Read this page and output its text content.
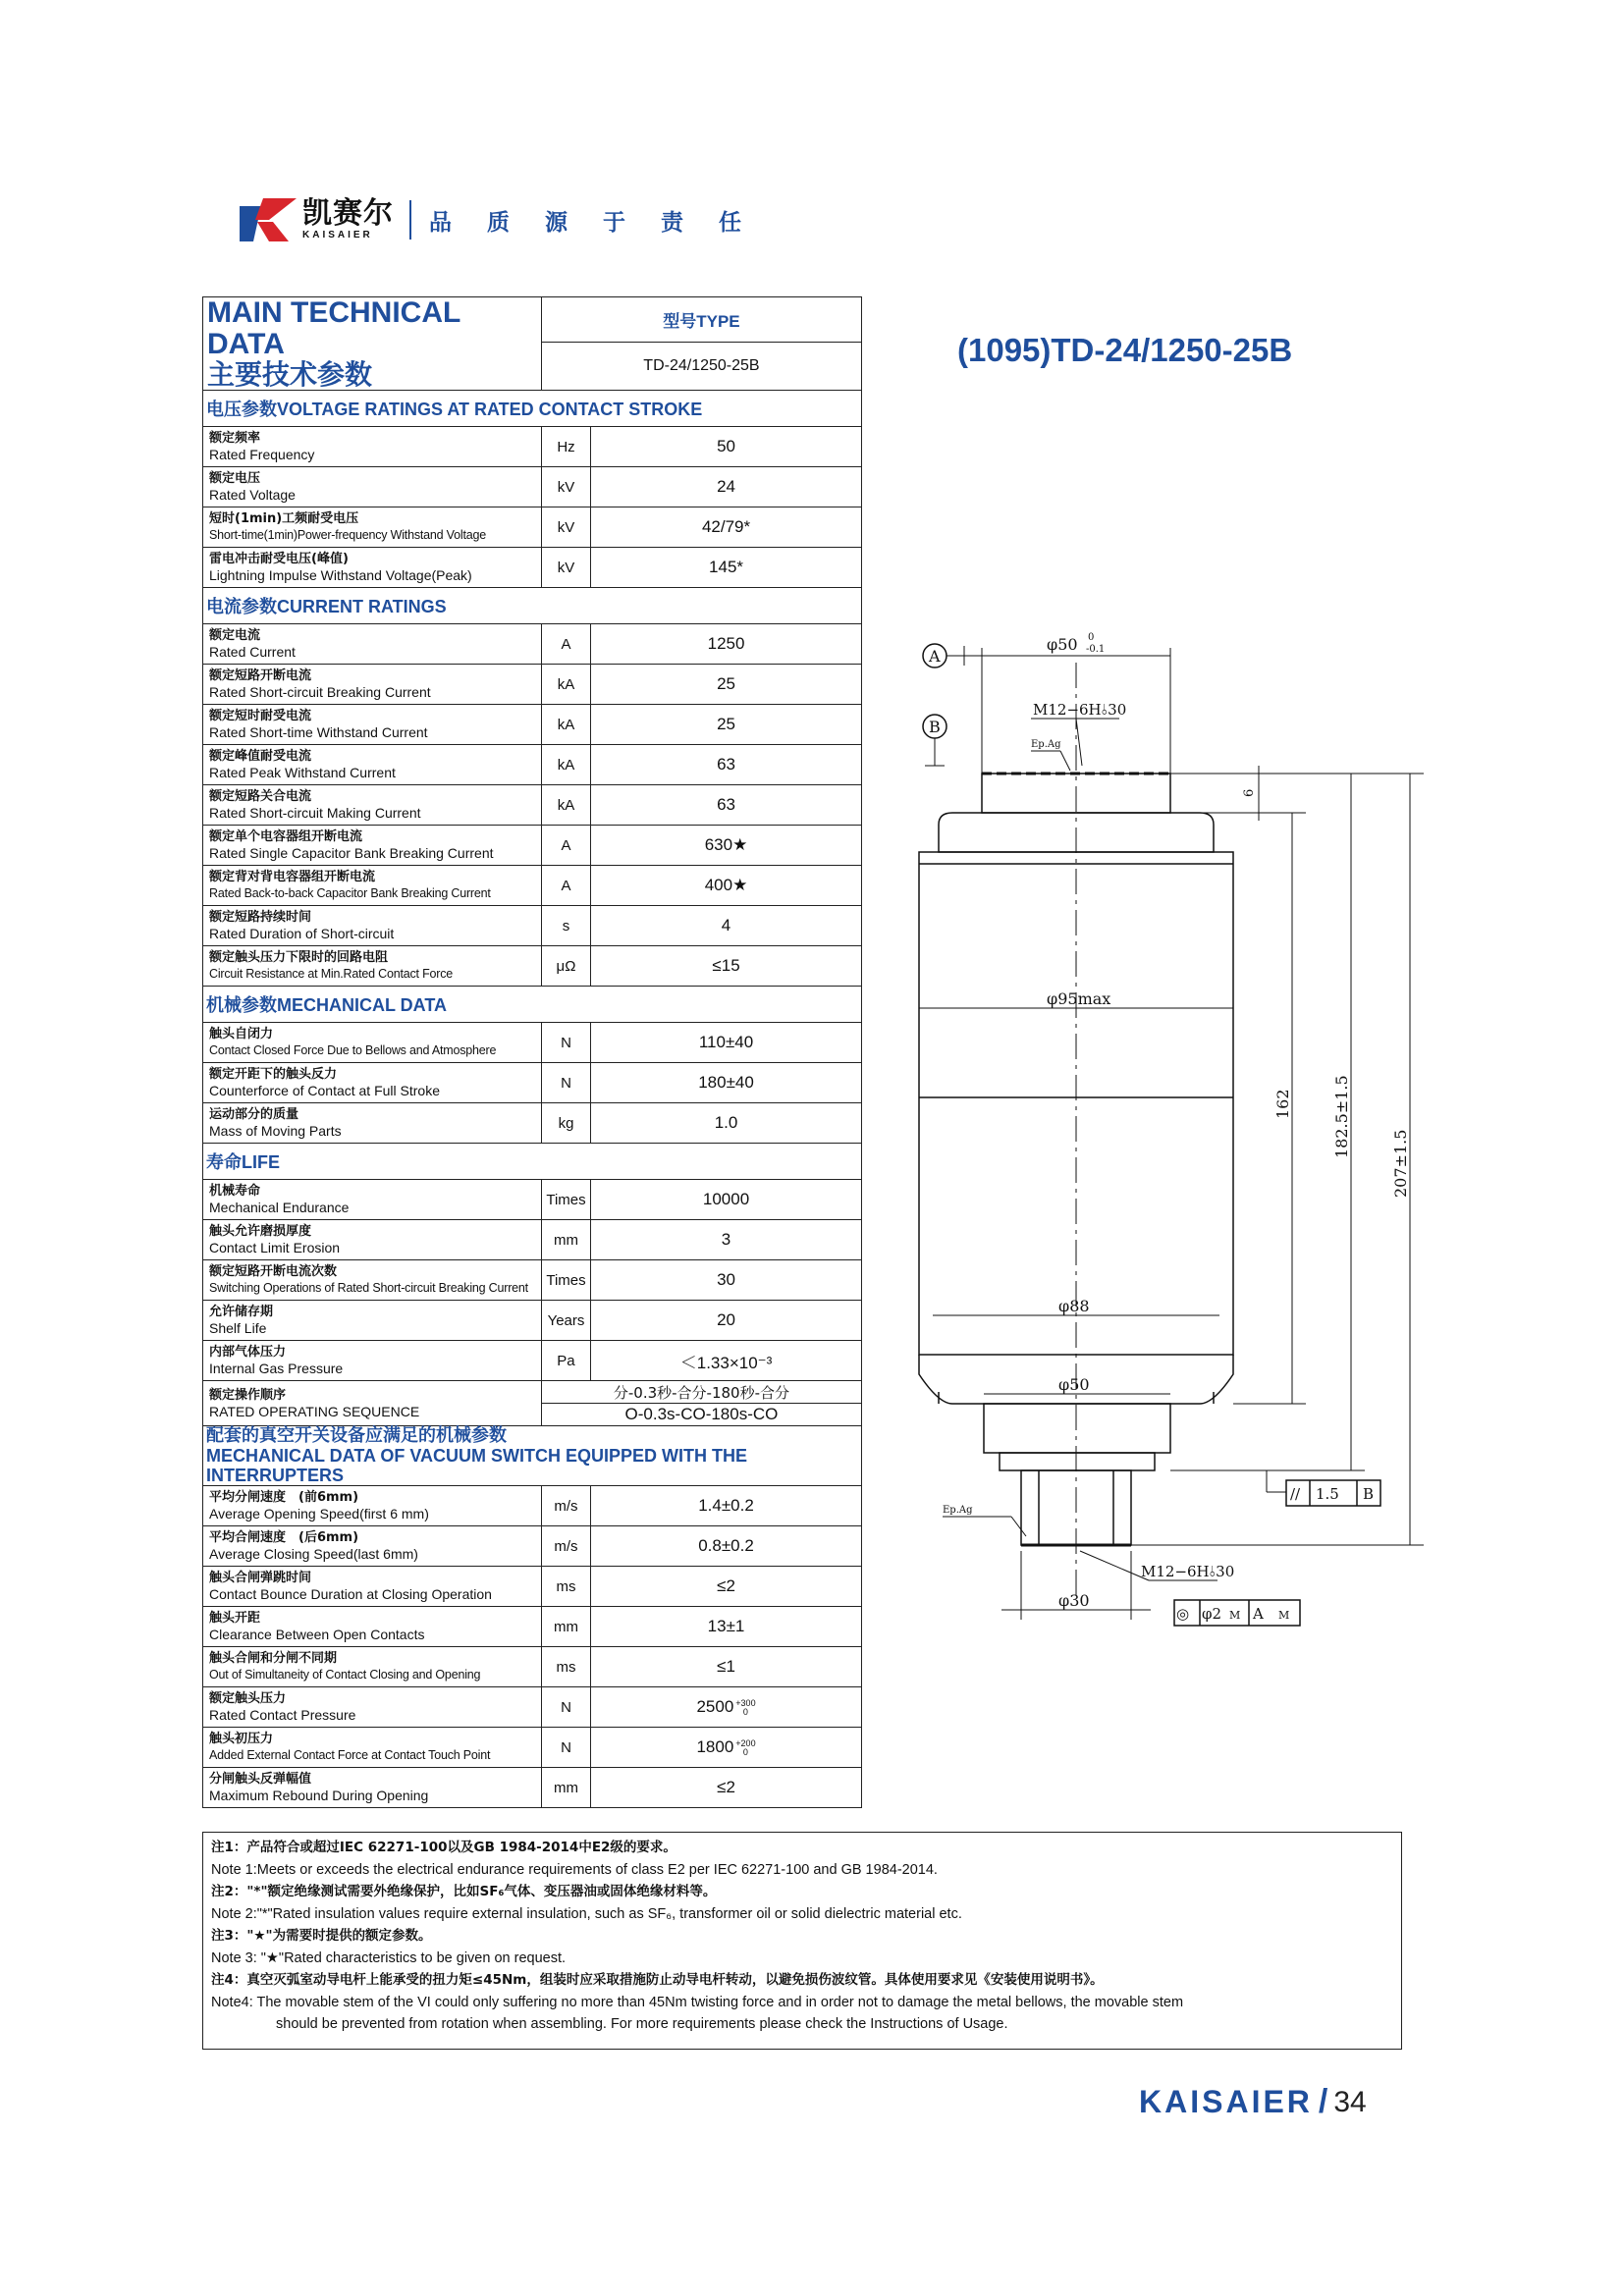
凯赛尔
KAISAIER	品 质 源 于 责 任
(1095)TD-24/1250-25B
MAIN TECHNICAL DATA
主要技术参数	型号TYPE	
	TD-24/1250-25B	
电压参数VOLTAGE RATINGS AT RATED CONTACT STROKE		

额定频率
Rated Frequency	Hz	50

额定电压
Rated Voltage	kV	24

短时(1min)工频耐受电压
Short-time(1min)Power-frequency Withstand Voltage	kV	42/79*

雷电冲击耐受电压(峰值)
Lightning Impulse Withstand Voltage(Peak)	kV	145*
电流参数CURRENT RATINGS		

额定电流
Rated Current	A	1250

额定短路开断电流
Rated Short-circuit Breaking Current	kA	25

额定短时耐受电流
Rated Short-time Withstand Current	kA	25

额定峰值耐受电流
Rated Peak Withstand Current	kA	63

额定短路关合电流
Rated Short-circuit Making Current	kA	63

额定单个电容器组开断电流
Rated Single Capacitor Bank Breaking Current	A	630★

额定背对背电容器组开断电流
Rated Back-to-back Capacitor Bank Breaking Current	A	400★

额定短路持续时间
Rated Duration of Short-circuit	s	4

额定触头压力下限时的回路电阻
Circuit Resistance at Min.Rated Contact Force	μΩ	≤15
机械参数MECHANICAL DATA		

触头自闭力
Contact Closed Force Due to Bellows and Atmosphere	N	110±40

额定开距下的触头反力
Counterforce of Contact at Full Stroke	N	180±40

运动部分的质量
Mass of Moving Parts	kg	1.0
寿命LIFE		

机械寿命
Mechanical Endurance	Times	10000

触头允许磨损厚度
Contact Limit Erosion	mm	3

额定短路开断电流次数
Switching Operations of Rated Short-circuit Breaking Current	Times	30

允许储存期
Shelf Life	Years	20

内部气体压力
Internal Gas Pressure	Pa	＜1.33×10⁻³

额定操作顺序
RATED OPERATING SEQUENCE	分-0.3秒-合分-180秒-合分	
	O-0.3s-CO-180s-CO	

配套的真空开关设备应满足的机械参数
MECHANICAL DATA OF VACUUM SWITCH EQUIPPED WITH THE INTERRUPTERS		

平均分闸速度　(前6mm)
Average Opening Speed(first 6 mm)	m/s	1.4±0.2

平均合闸速度　(后6mm)
Average Closing Speed(last 6mm)	m/s	0.8±0.2

触头合闸弹跳时间
Contact Bounce Duration at Closing Operation	ms	≤2

触头开距
Clearance Between Open Contacts	mm	13±1

触头合闸和分闸不同期
Out of Simultaneity of Contact Closing and Opening	ms	≤1

额定触头压力
Rated Contact Pressure	N	2500 +300
0

触头初压力
Added External Contact Force at Contact Touch Point	N	1800 +200
0

分闸触头反弹幅值
Maximum Rebound During Opening	mm	≤2
A
B
φ50 0
-0.1
M12−6H⫰30
Ep.Ag
6
φ95max
162	182.5±1.5
207±1.5
φ88
φ50
Ep.Ag
M12−6H⫰30
φ30
// 1.5 B
◎ φ2 M A M
注1：产品符合或超过IEC 62271-100以及GB 1984-2014中E2级的要求。
Note 1:Meets or exceeds the electrical endurance requirements of class E2 per IEC 62271-100 and GB 1984-2014.
注2："*"额定绝缘测试需要外绝缘保护，比如SF₆气体、变压器油或固体绝缘材料等。
Note 2:"*"Rated insulation values require external insulation, such as SF₆, transformer oil or solid dielectric material etc.
注3："★"为需要时提供的额定参数。
Note 3: "★"Rated characteristics to be given on request.
注4：真空灭弧室动导电杆上能承受的扭力矩≤45Nm，组装时应采取措施防止动导电杆转动，以避免损伤波纹管。具体使用要求见《安装使用说明书》。
Note4: The movable stem of the VI could only suffering no more than 45Nm twisting force and in order not to damage the metal bellows, the movable stem
should be prevented from rotation when assembling. For more requirements please check the Instructions of Usage.
KAISAIER / 34
